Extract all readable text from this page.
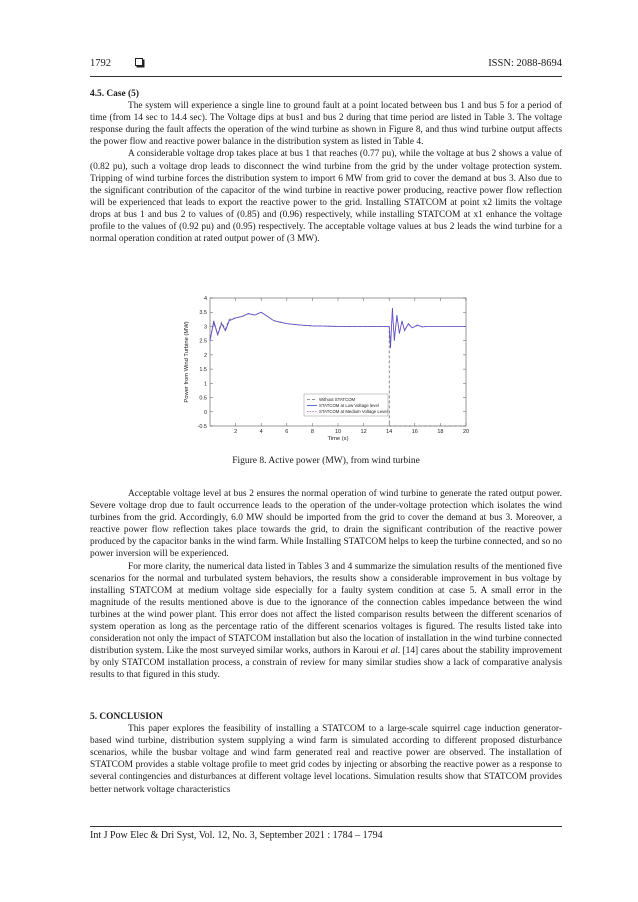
1792	ISSN: 2088-8694
4.5. Case (5)
The system will experience a single line to ground fault at a point located between bus 1 and bus 5 for a period of time (from 14 sec to 14.4 sec). The Voltage dips at bus1 and bus 2 during that time period are listed in Table 3. The voltage response during the fault affects the operation of the wind turbine as shown in Figure 8, and thus wind turbine output affects the power flow and reactive power balance in the distribution system as listed in Table 4.
A considerable voltage drop takes place at bus 1 that reaches (0.77 pu), while the voltage at bus 2 shows a value of (0.82 pu), such a voltage drop leads to disconnect the wind turbine from the grid by the under voltage protection system. Tripping of wind turbine forces the distribution system to import 6 MW from grid to cover the demand at bus 3. Also due to the significant contribution of the capacitor of the wind turbine in reactive power producing, reactive power flow reflection will be experienced that leads to export the reactive power to the grid. Installing STATCOM at point x2 limits the voltage drops at bus 1 and bus 2 to values of (0.85) and (0.96) respectively, while installing STATCOM at x1 enhance the voltage profile to the values of (0.92 pu) and (0.95) respectively. The acceptable voltage values at bus 2 leads the wind turbine for a normal operation condition at rated output power of (3 MW).
-0.5
0
0.5
1
1.5
2
2.5
3
3.5
4
2	4	6	8	10	12	14	16	18	20
Time (s)
Power from Wind Turbine (MW)	Without STATCOM
STATCOM at Low Voltage level
STATCOM at Medium Voltage Level
Figure 8. Active power (MW), from wind turbine
Acceptable voltage level at bus 2 ensures the normal operation of wind turbine to generate the rated output power. Severe voltage drop due to fault occurrence leads to the operation of the under-voltage protection which isolates the wind turbines from the grid. Accordingly, 6.0 MW should be imported from the grid to cover the demand at bus 3. Moreover, a reactive power flow reflection takes place towards the grid, to drain the significant contribution of the reactive power produced by the capacitor banks in the wind farm. While Installing STATCOM helps to keep the turbine connected, and so no power inversion will be experienced.
For more clarity, the numerical data listed in Tables 3 and 4 summarize the simulation results of the mentioned five scenarios for the normal and turbulated system behaviors, the results show a considerable improvement in bus voltage by installing STATCOM at medium voltage side especially for a faulty system condition at case 5. A small error in the magnitude of the results mentioned above is due to the ignorance of the connection cables impedance between the wind turbines at the wind power plant. This error does not affect the listed comparison results between the different scenarios of system operation as long as the percentage ratio of the different scenarios voltages is figured. The results listed take into consideration not only the impact of STATCOM installation but also the location of installation in the wind turbine connected distribution system. Like the most surveyed similar works, authors in Karoui et al. [14] cares about the stability improvement by only STATCOM installation process, a constrain of review for many similar studies show a lack of comparative analysis results to that figured in this study.
5. CONCLUSION
This paper explores the feasibility of installing a STATCOM to a large-scale squirrel cage induction generator-based wind turbine, distribution system supplying a wind farm is simulated according to different proposed disturbance scenarios, while the busbar voltage and wind farm generated real and reactive power are observed. The installation of STATCOM provides a stable voltage profile to meet grid codes by injecting or absorbing the reactive power as a response to several contingencies and disturbances at different voltage level locations. Simulation results show that STATCOM provides better network voltage characteristics
Int J Pow Elec & Dri Syst, Vol. 12, No. 3, September 2021 : 1784 – 1794
